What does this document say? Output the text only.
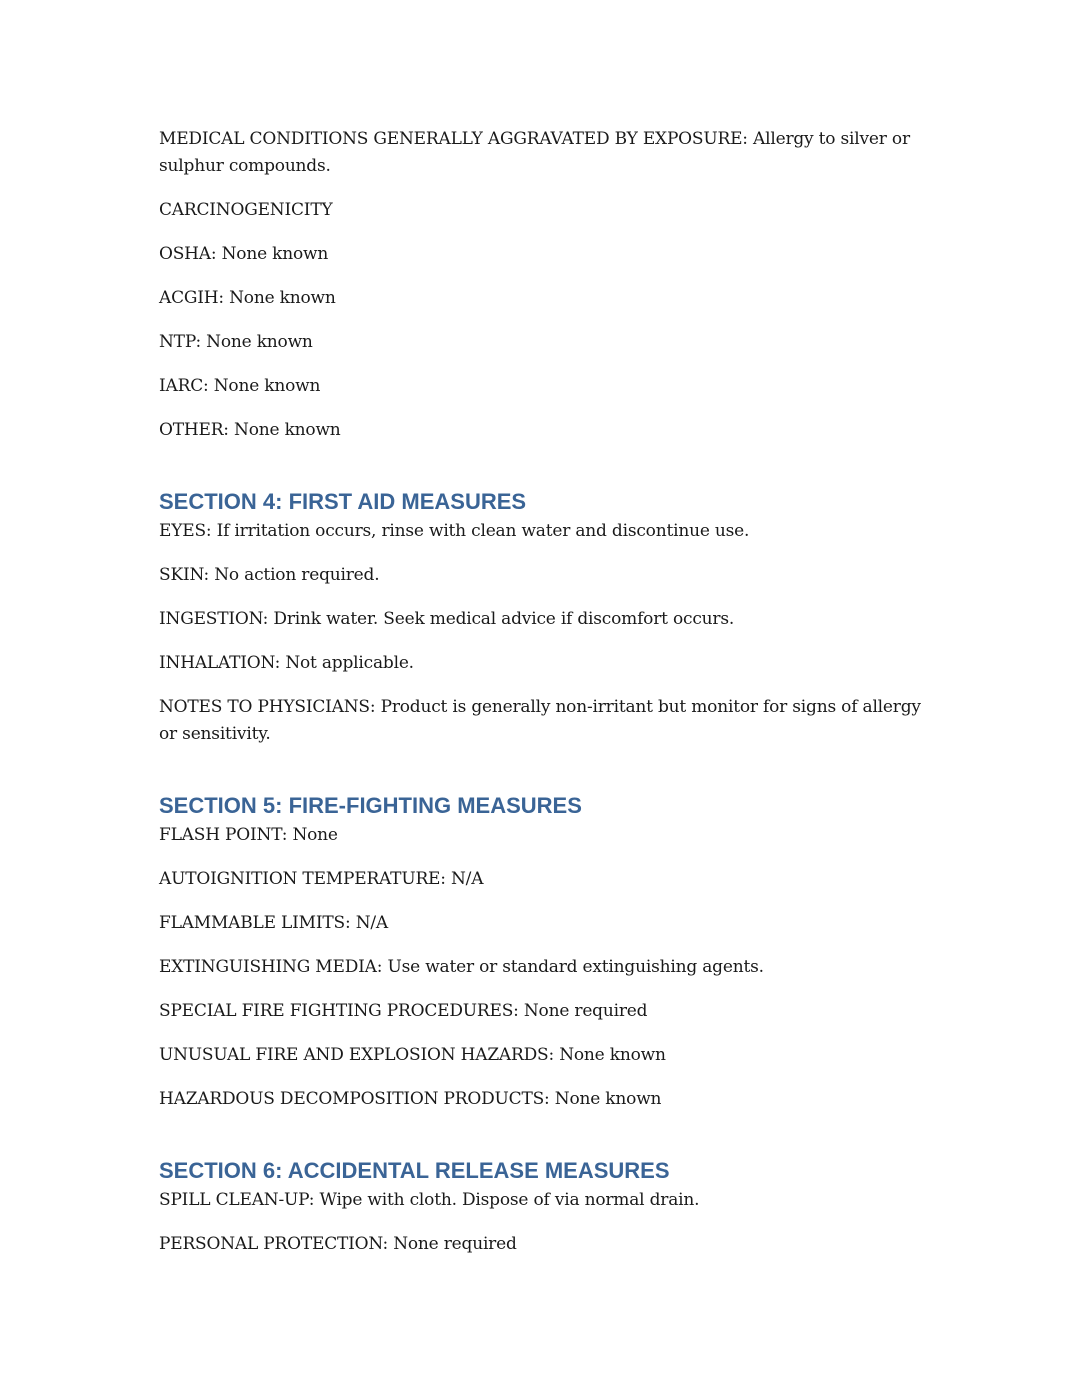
MEDICAL CONDITIONS GENERALLY AGGRAVATED BY EXPOSURE: Allergy to silver or sulphur compounds.

CARCINOGENICITY

OSHA: None known

ACGIH: None known

NTP: None known

IARC: None known

OTHER: None known

SECTION 4: FIRST AID MEASURES

EYES: If irritation occurs, rinse with clean water and discontinue use.

SKIN: No action required.

INGESTION: Drink water. Seek medical advice if discomfort occurs.

INHALATION: Not applicable.

NOTES TO PHYSICIANS: Product is generally non-irritant but monitor for signs of allergy or sensitivity.

SECTION 5: FIRE-FIGHTING MEASURES

FLASH POINT: None

AUTOIGNITION TEMPERATURE: N/A

FLAMMABLE LIMITS: N/A

EXTINGUISHING MEDIA: Use water or standard extinguishing agents.

SPECIAL FIRE FIGHTING PROCEDURES: None required

UNUSUAL FIRE AND EXPLOSION HAZARDS: None known

HAZARDOUS DECOMPOSITION PRODUCTS: None known

SECTION 6: ACCIDENTAL RELEASE MEASURES

SPILL CLEAN-UP: Wipe with cloth. Dispose of via normal drain.

PERSONAL PROTECTION: None required
